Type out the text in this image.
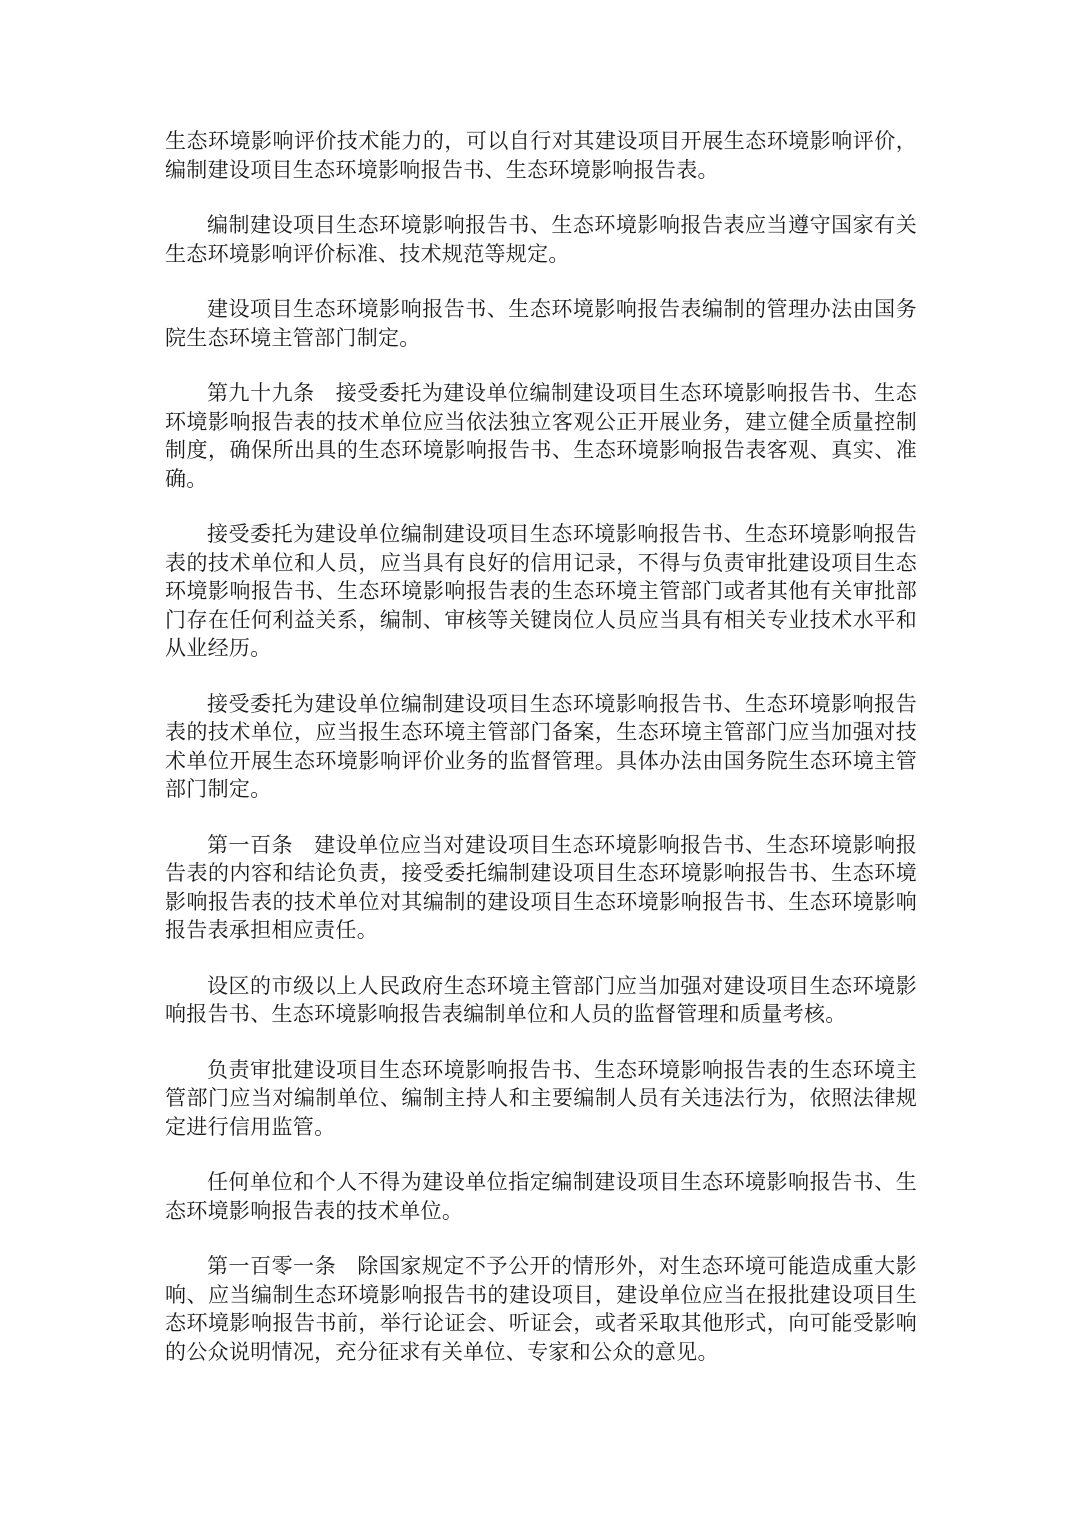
生态环境影响评价技术能力的，可以自行对其建设项目开展生态环境影响评价，编制建设项目生态环境影响报告书、生态环境影响报告表。

编制建设项目生态环境影响报告书、生态环境影响报告表应当遵守国家有关生态环境影响评价标准、技术规范等规定。

建设项目生态环境影响报告书、生态环境影响报告表编制的管理办法由国务院生态环境主管部门制定。

第九十九条 接受委托为建设单位编制建设项目生态环境影响报告书、生态环境影响报告表的技术单位应当依法独立客观公正开展业务，建立健全质量控制制度，确保所出具的生态环境影响报告书、生态环境影响报告表客观、真实、准确。

接受委托为建设单位编制建设项目生态环境影响报告书、生态环境影响报告表的技术单位和人员，应当具有良好的信用记录，不得与负责审批建设项目生态环境影响报告书、生态环境影响报告表的生态环境主管部门或者其他有关审批部门存在任何利益关系，编制、审核等关键岗位人员应当具有相关专业技术水平和从业经历。

接受委托为建设单位编制建设项目生态环境影响报告书、生态环境影响报告表的技术单位，应当报生态环境主管部门备案，生态环境主管部门应当加强对技术单位开展生态环境影响评价业务的监督管理。具体办法由国务院生态环境主管部门制定。

第一百条 建设单位应当对建设项目生态环境影响报告书、生态环境影响报告表的内容和结论负责，接受委托编制建设项目生态环境影响报告书、生态环境影响报告表的技术单位对其编制的建设项目生态环境影响报告书、生态环境影响报告表承担相应责任。

设区的市级以上人民政府生态环境主管部门应当加强对建设项目生态环境影响报告书、生态环境影响报告表编制单位和人员的监督管理和质量考核。

负责审批建设项目生态环境影响报告书、生态环境影响报告表的生态环境主管部门应当对编制单位、编制主持人和主要编制人员有关违法行为，依照法律规定进行信用监管。

任何单位和个人不得为建设单位指定编制建设项目生态环境影响报告书、生态环境影响报告表的技术单位。

第一百零一条 除国家规定不予公开的情形外，对生态环境可能造成重大影响、应当编制生态环境影响报告书的建设项目，建设单位应当在报批建设项目生态环境影响报告书前，举行论证会、听证会，或者采取其他形式，向可能受影响的公众说明情况，充分征求有关单位、专家和公众的意见。
